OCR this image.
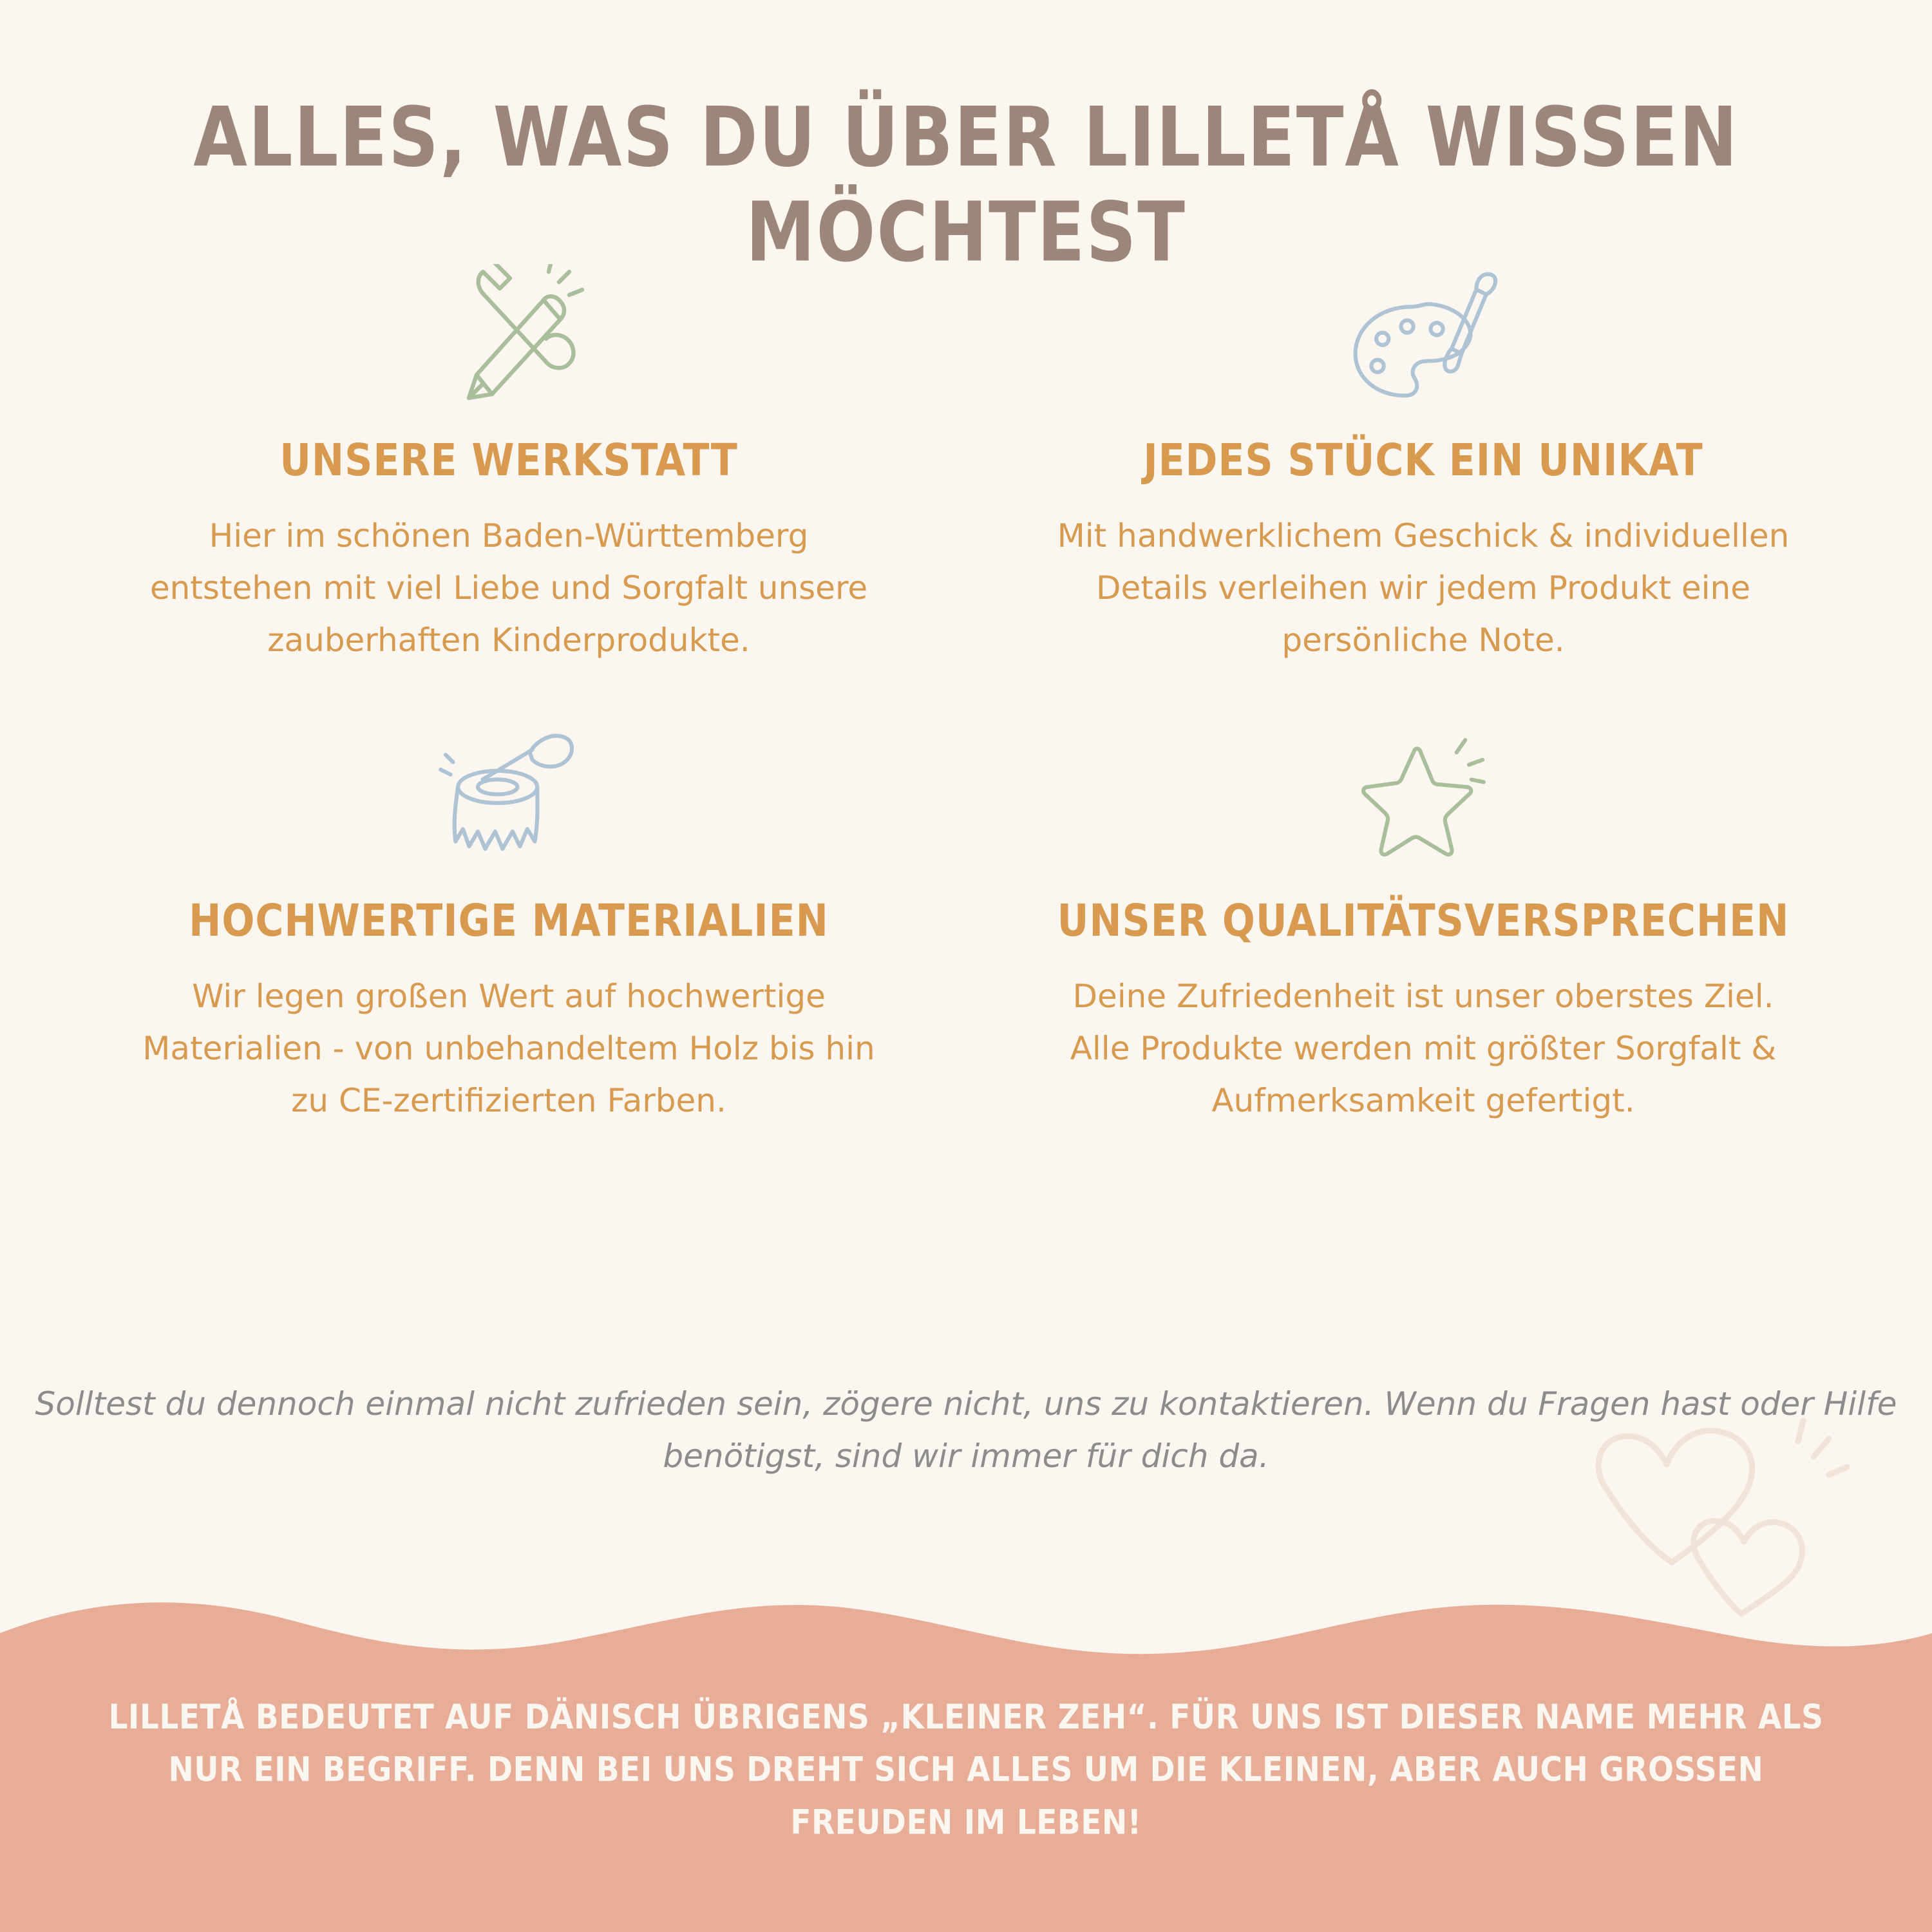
ALLES, WAS DU ÜBER LILLETÅ WISSEN MÖCHTEST
UNSERE WERKSTATT
Hier im schönen Baden-Württemberg entstehen mit viel Liebe und Sorgfalt unsere zauberhaften Kinderprodukte.
JEDES STÜCK EIN UNIKAT
Mit handwerklichem Geschick & individuellen Details verleihen wir jedem Produkt eine persönliche Note.
HOCHWERTIGE MATERIALIEN
Wir legen großen Wert auf hochwertige Materialien - von unbehandeltem Holz bis hin zu CE-zertifizierten Farben.
UNSER QUALITÄTSVERSPRECHEN
Deine Zufriedenheit ist unser oberstes Ziel. Alle Produkte werden mit größter Sorgfalt & Aufmerksamkeit gefertigt.
Solltest du dennoch einmal nicht zufrieden sein, zögere nicht, uns zu kontaktieren. Wenn du Fragen hast oder Hilfe benötigst, sind wir immer für dich da.
LILLETÅ BEDEUTET AUF DÄNISCH ÜBRIGENS „KLEINER ZEH“. FÜR UNS IST DIESER NAME MEHR ALS NUR EIN BEGRIFF. DENN BEI UNS DREHT SICH ALLES UM DIE KLEINEN, ABER AUCH GROSSEN FREUDEN IM LEBEN!
